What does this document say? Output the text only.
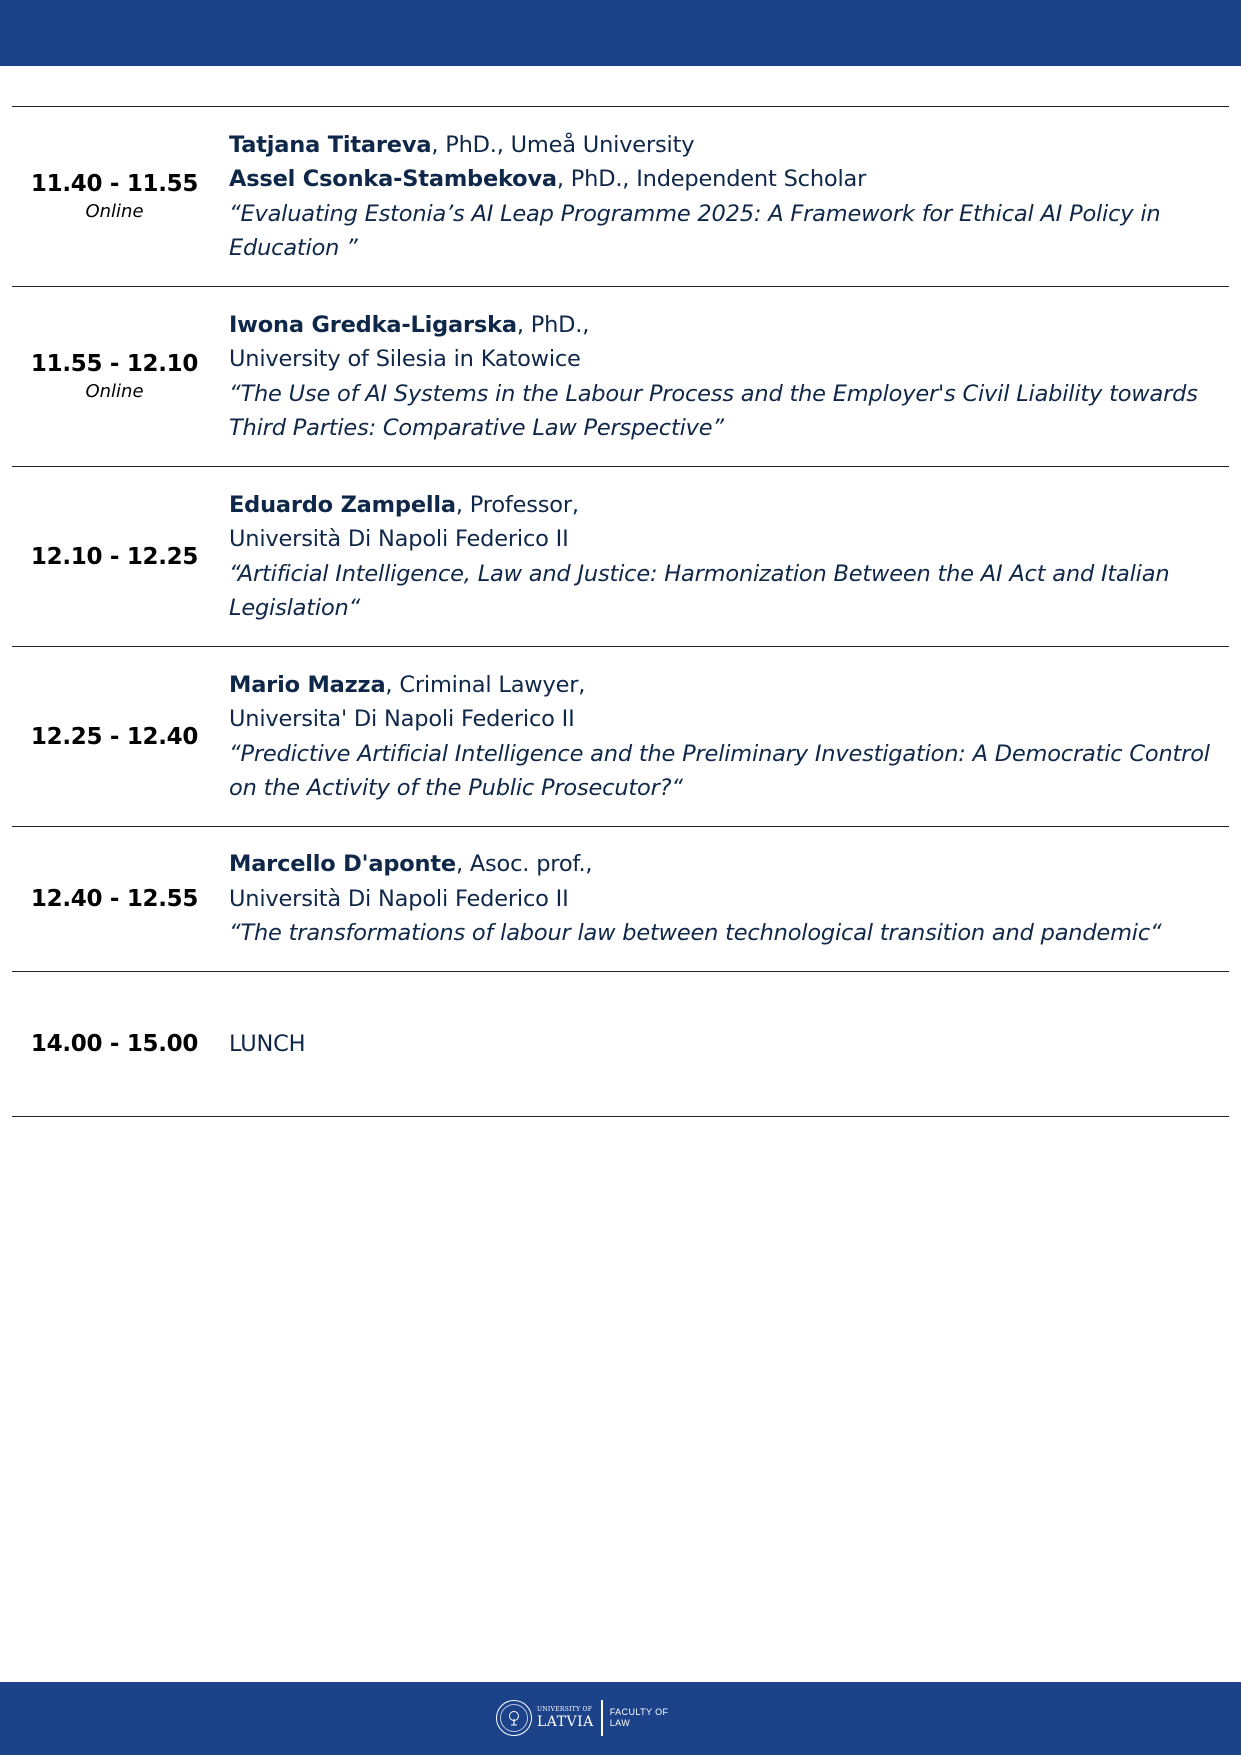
11.40 - 11.55
Online
Tatjana Titareva, PhD., Umeå University
Assel Csonka-Stambekova, PhD., Independent Scholar
“Evaluating Estonia’s AI Leap Programme 2025: A Framework for Ethical AI Policy in Education ”
11.55 - 12.10
Online
Iwona Gredka-Ligarska, PhD.,
University of Silesia in Katowice
“The Use of AI Systems in the Labour Process and the Employer's Civil Liability towards Third Parties: Comparative Law Perspective”
12.10 - 12.25
Eduardo Zampella, Professor,
Università Di Napoli Federico II
“Artificial Intelligence, Law and Justice: Harmonization Between the AI Act and Italian Legislation“
12.25 - 12.40
Mario Mazza, Criminal Lawyer,
Universita' Di Napoli Federico II
“Predictive Artificial Intelligence and the Preliminary Investigation: A Democratic Control on the Activity of the Public Prosecutor?“
12.40 - 12.55
Marcello D'aponte, Asoc. prof.,
Università Di Napoli Federico II
“The transformations of labour law between technological transition and pandemic“
14.00 - 15.00 LUNCH
UNIVERSITY OF
LATVIA
FACULTY OF
LAW
